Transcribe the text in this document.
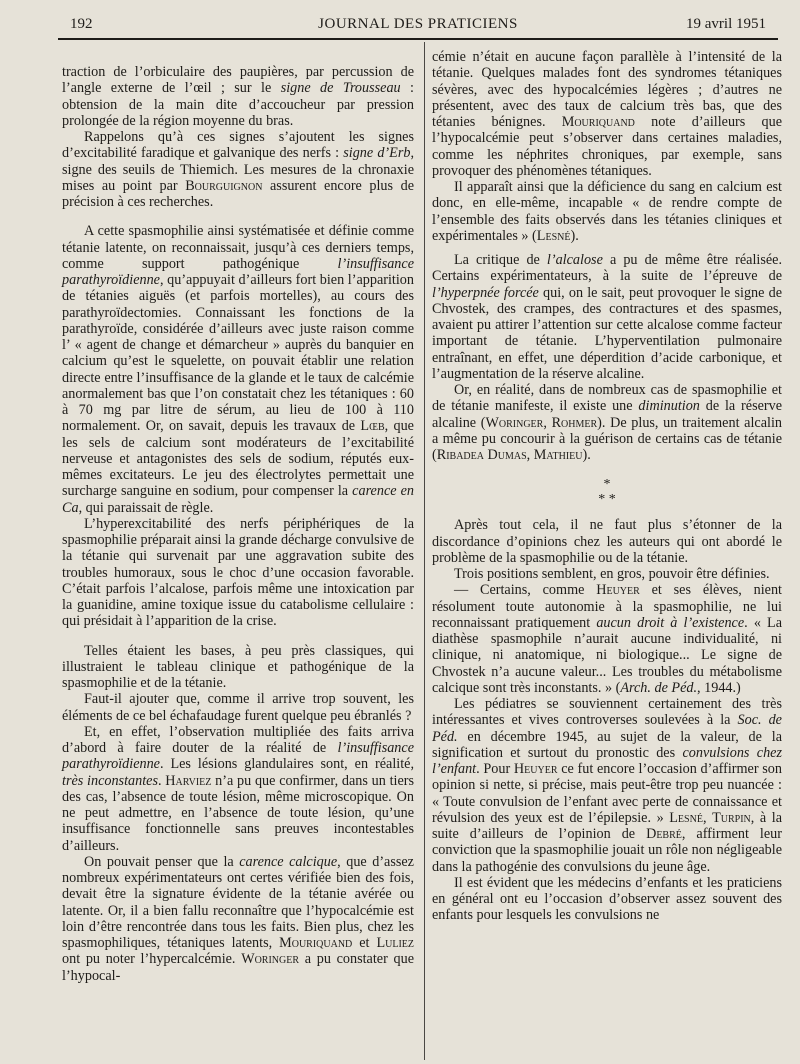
192	JOURNAL DES PRATICIENS	19 avril 1951

traction de l’orbiculaire des paupières, par percussion de l’angle externe de l’œil ; sur le signe de Trousseau : obtension de la main dite d’accoucheur par pression prolongée de la région moyenne du bras.

Rappelons qu’à ces signes s’ajoutent les signes d’excitabilité faradique et galvanique des nerfs : signe d’Erb, signe des seuils de Thiemich. Les mesures de la chronaxie mises au point par Bourguignon assurent encore plus de précision à ces recherches.

A cette spasmophilie ainsi systématisée et définie comme tétanie latente, on reconnaissait, jusqu’à ces derniers temps, comme support pathogénique l’insuffisance parathyroïdienne, qu’appuyait d’ailleurs fort bien l’apparition de tétanies aiguës (et parfois mortelles), au cours des parathyroïdectomies. Connaissant les fonctions de la parathyroïde, considérée d’ailleurs avec juste raison comme l’ « agent de change et démarcheur » auprès du banquier en calcium qu’est le squelette, on pouvait établir une relation directe entre l’insuffisance de la glande et le taux de calcémie anormalement bas que l’on constatait chez les tétaniques : 60 à 70 mg par litre de sérum, au lieu de 100 à 110 normalement. Or, on savait, depuis les travaux de Lœb, que les sels de calcium sont modérateurs de l’excitabilité nerveuse et antagonistes des sels de sodium, réputés eux-mêmes excitateurs. Le jeu des électrolytes permettait une surcharge sanguine en sodium, pour compenser la carence en Ca, qui paraissait de règle.

L’hyperexcitabilité des nerfs périphériques de la spasmophilie préparait ainsi la grande décharge convulsive de la tétanie qui survenait par une aggravation subite des troubles humoraux, sous le choc d’une occasion favorable. C’était parfois l’alcalose, parfois même une intoxication par la guanidine, amine toxique issue du catabolisme cellulaire : qui présidait à l’apparition de la crise.

Telles étaient les bases, à peu près classiques, qui illustraient le tableau clinique et pathogénique de la spasmophilie et de la tétanie.

Faut-il ajouter que, comme il arrive trop souvent, les éléments de ce bel échafaudage furent quelque peu ébranlés ?

Et, en effet, l’observation multipliée des faits arriva d’abord à faire douter de la réalité de l’insuffisance parathyroïdienne. Les lésions glandulaires sont, en réalité, très inconstantes. Harviez n’a pu que confirmer, dans un tiers des cas, l’absence de toute lésion, même microscopique. On ne peut admettre, en l’absence de toute lésion, qu’une insuffisance fonctionnelle sans preuves incontestables d’ailleurs.

On pouvait penser que la carence calcique, que d’assez nombreux expérimentateurs ont certes vérifiée bien des fois, devait être la signature évidente de la tétanie avérée ou latente. Or, il a bien fallu reconnaître que l’hypocalcémie est loin d’être rencontrée dans tous les faits. Bien plus, chez les spasmophiliques, tétaniques latents, Mouriquand et Luliez ont pu noter l’hypercalcémie. Woringer a pu constater que l’hypocal-

cémie n’était en aucune façon parallèle à l’intensité de la tétanie. Quelques malades font des syndromes tétaniques sévères, avec des hypocalcémies légères ; d’autres ne présentent, avec des taux de calcium très bas, que des tétanies bénignes. Mouriquand note d’ailleurs que l’hypocalcémie peut s’observer dans certaines maladies, comme les néphrites chroniques, par exemple, sans provoquer des phénomènes tétaniques.

Il apparaît ainsi que la déficience du sang en calcium est donc, en elle-même, incapable « de rendre compte de l’ensemble des faits observés dans les tétanies cliniques et expérimentales » (Lesné).

La critique de l’alcalose a pu de même être réalisée. Certains expérimentateurs, à la suite de l’épreuve de l’hyperpnée forcée qui, on le sait, peut provoquer le signe de Chvostek, des crampes, des contractures et des spasmes, avaient pu attirer l’attention sur cette alcalose comme facteur important de tétanie. L’hyperventilation pulmonaire entraînant, en effet, une déperdition d’acide carbonique, et l’augmentation de la réserve alcaline.

Or, en réalité, dans de nombreux cas de spasmophilie et de tétanie manifeste, il existe une diminution de la réserve alcaline (Woringer, Rohmer). De plus, un traitement alcalin a même pu concourir à la guérison de certains cas de tétanie (Ribadea Dumas, Mathieu).

*
* *

Après tout cela, il ne faut plus s’étonner de la discordance d’opinions chez les auteurs qui ont abordé le problème de la spasmophilie ou de la tétanie.

Trois positions semblent, en gros, pouvoir être définies.

— Certains, comme Heuyer et ses élèves, nient résolument toute autonomie à la spasmophilie, ne lui reconnaissant pratiquement aucun droit à l’existence. « La diathèse spasmophile n’aurait aucune individualité, ni clinique, ni anatomique, ni biologique... Le signe de Chvostek n’a aucune valeur... Les troubles du métabolisme calcique sont très inconstants. » (Arch. de Péd., 1944.)

Les pédiatres se souviennent certainement des très intéressantes et vives controverses soulevées à la Soc. de Péd. en décembre 1945, au sujet de la valeur, de la signification et surtout du pronostic des convulsions chez l’enfant. Pour Heuyer ce fut encore l’occasion d’affirmer son opinion si nette, si précise, mais peut-être trop peu nuancée : « Toute convulsion de l’enfant avec perte de connaissance et révulsion des yeux est de l’épilepsie. » Lesné, Turpin, à la suite d’ailleurs de l’opinion de Debré, affirment leur conviction que la spasmophilie jouait un rôle non négligeable dans la pathogénie des convulsions du jeune âge.

Il est évident que les médecins d’enfants et les praticiens en général ont eu l’occasion d’observer assez souvent des enfants pour lesquels les convulsions ne
